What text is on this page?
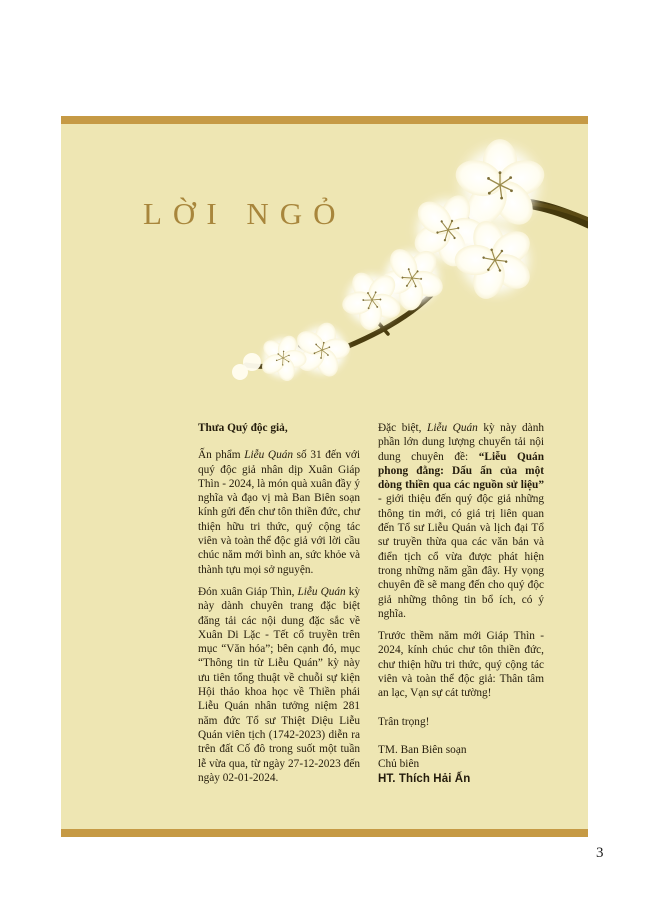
LỜI NGỎ

Thưa Quý độc giả,

Ấn phẩm Liễu Quán số 31 đến với quý độc giả nhân dịp Xuân Giáp Thìn - 2024, là món quà xuân đầy ý nghĩa và đạo vị mà Ban Biên soạn kính gửi đến chư tôn thiền đức, chư thiện hữu tri thức, quý cộng tác viên và toàn thể độc giả với lời cầu chúc năm mới bình an, sức khỏe và thành tựu mọi sở nguyện.

Đón xuân Giáp Thìn, Liễu Quán kỳ này dành chuyên trang đặc biệt đăng tải các nội dung đặc sắc về Xuân Di Lặc - Tết cổ truyền trên mục “Văn hóa”; bên cạnh đó, mục “Thông tin từ Liễu Quán” kỳ này ưu tiên tổng thuật về chuỗi sự kiện Hội thảo khoa học về Thiền phái Liễu Quán nhân tưởng niệm 281 năm đức Tổ sư Thiệt Diệu Liễu Quán viên tịch (1742-2023) diễn ra trên đất Cố đô trong suốt một tuần lễ vừa qua, từ ngày 27-12-2023 đến ngày 02-01-2024.

Đặc biệt, Liễu Quán kỳ này dành phần lớn dung lượng chuyển tải nội dung chuyên đề: “Liễu Quán phong đằng: Dấu ấn của một dòng thiền qua các nguồn sử liệu” - giới thiệu đến quý độc giả những thông tin mới, có giá trị liên quan đến Tổ sư Liễu Quán và lịch đại Tổ sư truyền thừa qua các văn bản và điển tịch cổ vừa được phát hiện trong những năm gần đây. Hy vọng chuyên đề sẽ mang đến cho quý độc giả những thông tin bổ ích, có ý nghĩa.

Trước thềm năm mới Giáp Thìn - 2024, kính chúc chư tôn thiền đức, chư thiện hữu tri thức, quý cộng tác viên và toàn thể độc giả: Thân tâm an lạc, Vạn sự cát tường!

Trân trọng!

TM. Ban Biên soạn
Chủ biên
HT. Thích Hải Ấn
3
